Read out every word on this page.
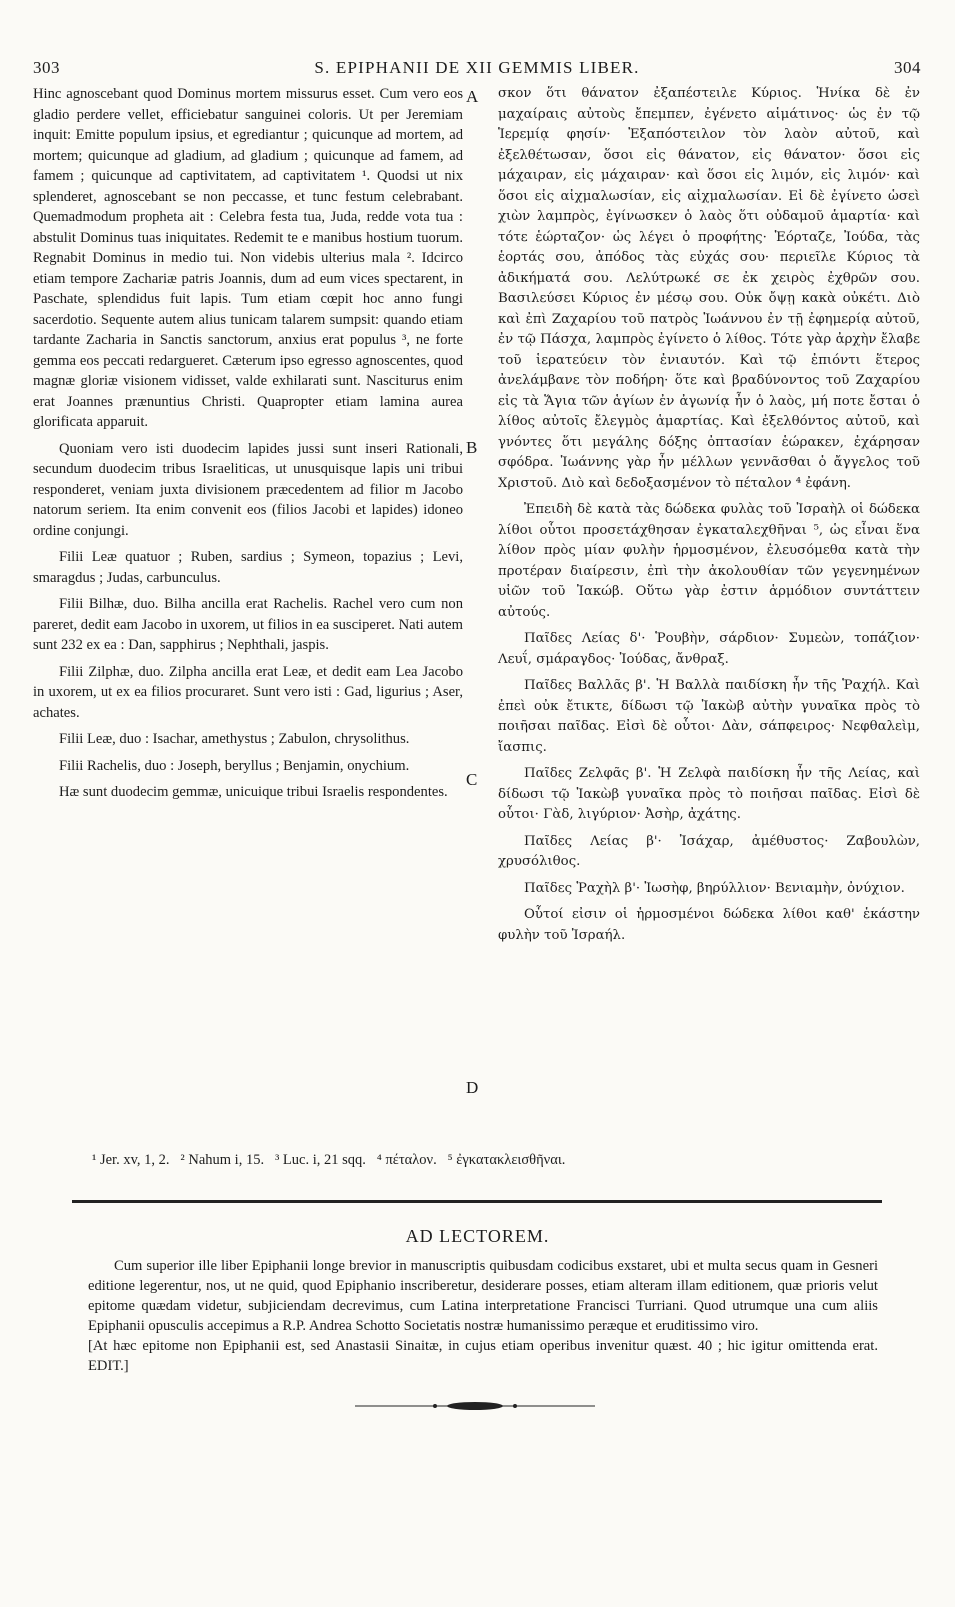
303	S. EPIPHANII DE XII GEMMIS LIBER.	304

Hinc agnoscebant quod Dominus mortem missurus esset. Cum vero eos gladio perdere vellet, efficiebatur sanguinei coloris. Ut per Jeremiam inquit: Emitte populum ipsius, et egrediantur ; quicunque ad mortem, ad mortem; quicunque ad gladium, ad gladium ; quicunque ad famem, ad famem ; quicunque ad captivitatem, ad captivitatem ¹. Quodsi ut nix splenderet, agnoscebant se non peccasse, et tunc festum celebrabant. Quemadmodum propheta ait : Celebra festa tua, Juda, redde vota tua : abstulit Dominus tuas iniquitates. Redemit te e manibus hostium tuorum. Regnabit Dominus in medio tui. Non videbis ulterius mala ². Idcirco etiam tempore Zachariæ patris Joannis, dum ad eum vices spectarent, in Paschate, splendidus fuit lapis. Tum etiam cœpit hoc anno fungi sacerdotio. Sequente autem alius tunicam talarem sumpsit: quando etiam tardante Zacharia in Sanctis sanctorum, anxius erat populus ³, ne forte gemma eos peccati redargueret. Cæterum ipso egresso agnoscentes, quod magnæ gloriæ visionem vidisset, valde exhilarati sunt. Nasciturus enim erat Joannes prænuntius Christi. Quapropter etiam lamina aurea glorificata apparuit.

Quoniam vero isti duodecim lapides jussi sunt inseri Rationali, secundum duodecim tribus Israeliticas, ut unusquisque lapis uni tribui responderet, veniam juxta divisionem præcedentem ad filior m Jacobo natorum seriem. Ita enim convenit eos (filios Jacobi et lapides) idoneo ordine conjungi.

Filii Leæ quatuor ; Ruben, sardius ; Symeon, topazius ; Levi, smaragdus ; Judas, carbunculus.

Filii Bilhæ, duo. Bilha ancilla erat Rachelis. Rachel vero cum non pareret, dedit eam Jacobo in uxorem, ut filios in ea susciperet. Nati autem sunt 232 ex ea : Dan, sapphirus ; Nephthali, jaspis.

Filii Zilphæ, duo. Zilpha ancilla erat Leæ, et dedit eam Lea Jacobo in uxorem, ut ex ea filios procuraret. Sunt vero isti : Gad, ligurius ; Aser, achates.

Filii Leæ, duo : Isachar, amethystus ; Zabulon, chrysolithus.

Filii Rachelis, duo : Joseph, beryllus ; Benjamin, onychium.

Hæ sunt duodecim gemmæ, unicuique tribui Israelis respondentes.

σκον ὅτι θάνατον ἐξαπέστειλε Κύριος. Ἡνίκα δὲ ἐν μαχαίραις αὐτοὺς ἔπεμπεν, ἐγένετο αἱμάτινος· ὡς ἐν τῷ Ἱερεμίᾳ φησίν· Ἐξαπόστειλον τὸν λαὸν αὐτοῦ, καὶ ἐξελθέτωσαν, ὅσοι εἰς θάνατον, εἰς θάνατον· ὅσοι εἰς μάχαιραν, εἰς μάχαιραν· καὶ ὅσοι εἰς λιμόν, εἰς λιμόν· καὶ ὅσοι εἰς αἰχμαλωσίαν, εἰς αἰχμαλωσίαν. Εἰ δὲ ἐγίνετο ὡσεὶ χιὼν λαμπρὸς, ἐγίνωσκεν ὁ λαὸς ὅτι οὐδαμοῦ ἁμαρτία· καὶ τότε ἑώρταζον· ὡς λέγει ὁ προφήτης· Ἑόρταζε, Ἰούδα, τὰς ἑορτάς σου, ἀπόδος τὰς εὐχάς σου· περιεῖλε Κύριος τὰ ἀδικήματά σου. Λελύτρωκέ σε ἐκ χειρὸς ἐχθρῶν σου. Βασιλεύσει Κύριος ἐν μέσῳ σου. Οὐκ ὄψῃ κακὰ οὐκέτι. Διὸ καὶ ἐπὶ Ζαχαρίου τοῦ πατρὸς Ἰωάννου ἐν τῇ ἐφημερίᾳ αὐτοῦ, ἐν τῷ Πάσχα, λαμπρὸς ἐγίνετο ὁ λίθος. Τότε γὰρ ἀρχὴν ἔλαβε τοῦ ἱερατεύειν τὸν ἐνιαυτόν. Καὶ τῷ ἐπιόντι ἕτερος ἀνελάμβανε τὸν ποδήρη· ὅτε καὶ βραδύνοντος τοῦ Ζαχαρίου εἰς τὰ Ἅγια τῶν ἁγίων ἐν ἀγωνίᾳ ἦν ὁ λαὸς, μή ποτε ἔσται ὁ λίθος αὐτοῖς ἔλεγμὸς ἁμαρτίας. Καὶ ἐξελθόντος αὐτοῦ, καὶ γνόντες ὅτι μεγάλης δόξης ὀπτασίαν ἑώρακεν, ἐχάρησαν σφόδρα. Ἰωάννης γὰρ ἦν μέλλων γεννᾶσθαι ὁ ἄγγελος τοῦ Χριστοῦ. Διὸ καὶ δεδοξασμένον τὸ πέταλον ⁴ ἐφάνη.

Ἐπειδὴ δὲ κατὰ τὰς δώδεκα φυλὰς τοῦ Ἰσραὴλ οἱ δώδεκα λίθοι οὗτοι προσετάχθησαν ἐγκαταλεχθῆναι ⁵, ὡς εἶναι ἕνα λίθον πρὸς μίαν φυλὴν ἡρμοσμένον, ἐλευσόμεθα κατὰ τὴν προτέραν διαίρεσιν, ἐπὶ τὴν ἀκολουθίαν τῶν γεγενημένων υἱῶν τοῦ Ἰακώβ. Οὕτω γὰρ ἐστιν ἁρμόδιον συντάττειν αὐτούς.

Παῖδες Λείας δ'· Ῥουβὴν, σάρδιον· Συμεὼν, τοπάζιον· Λευΐ, σμάραγδος· Ἰούδας, ἄνθραξ.

Παῖδες Βαλλᾶς β'. Ἡ Βαλλὰ παιδίσκη ἦν τῆς Ῥαχήλ. Καὶ ἐπεὶ οὐκ ἔτικτε, δίδωσι τῷ Ἰακὼβ αὐτὴν γυναῖκα πρὸς τὸ ποιῆσαι παῖδας. Εἰσὶ δὲ οὗτοι· Δὰν, σάπφειρος· Νεφθαλεὶμ, ἴασπις.

Παῖδες Ζελφᾶς β'. Ἡ Ζελφὰ παιδίσκη ἦν τῆς Λείας, καὶ δίδωσι τῷ Ἰακὼβ γυναῖκα πρὸς τὸ ποιῆσαι παῖδας. Εἰσὶ δὲ οὗτοι· Γὰδ, λιγύριον· Ἀσὴρ, ἀχάτης.

Παῖδες Λείας β'· Ἰσάχαρ, ἀμέθυστος· Ζαβουλὼν, χρυσόλιθος.

Παῖδες Ῥαχὴλ β'· Ἰωσὴφ, βηρύλλιον· Βενιαμὴν, ὀνύχιον.

Οὗτοί εἰσιν οἱ ἡρμοσμένοι δώδεκα λίθοι καθ' ἑκάστην φυλὴν τοῦ Ἰσραήλ.

A
B
C
D
¹ Jer. xv, 1, 2.   ² Nahum i, 15.   ³ Luc. i, 21 sqq.   ⁴ πέταλον.   ⁵ ἐγκατακλεισθῆναι.
AD LECTOREM.

Cum superior ille liber Epiphanii longe brevior in manuscriptis quibusdam codicibus exstaret, ubi et multa secus quam in Gesneri editione legerentur, nos, ut ne quid, quod Epiphanio inscriberetur, desiderare posses, etiam alteram illam editionem, quæ prioris velut epitome quædam videtur, subjiciendam decrevimus, cum Latina interpretatione Francisci Turriani. Quod utrumque una cum aliis Epiphanii opusculis accepimus a R.P. Andrea Schotto Societatis nostræ humanissimo peræque et eruditissimo viro.

[At hæc epitome non Epiphanii est, sed Anastasii Sinaitæ, in cujus etiam operibus invenitur quæst. 40 ; hic igitur omittenda erat. EDIT.]
